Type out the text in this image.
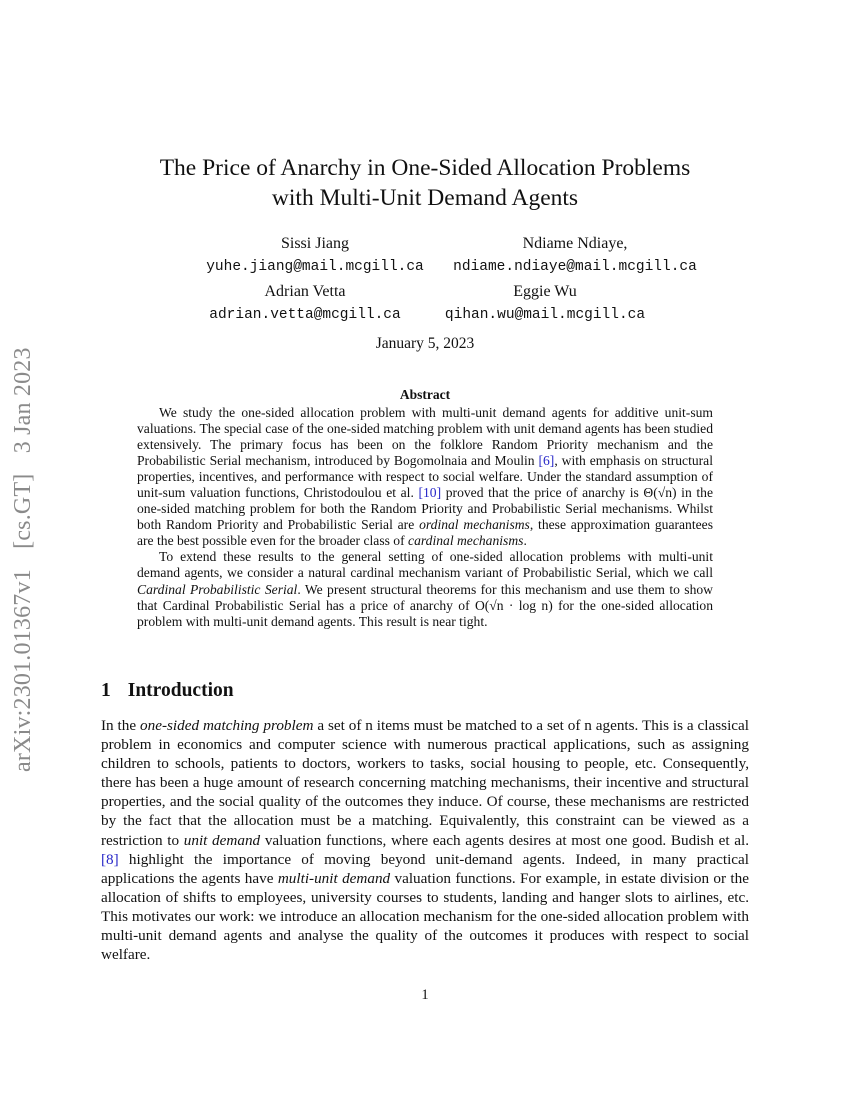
arXiv:2301.01367v1 [cs.GT] 3 Jan 2023
The Price of Anarchy in One-Sided Allocation Problems
with Multi-Unit Demand Agents
Sissi Jiang
yuhe.jiang@mail.mcgill.ca
Ndiame Ndiaye,
ndiame.ndiaye@mail.mcgill.ca
Adrian Vetta
adrian.vetta@mcgill.ca
Eggie Wu
qihan.wu@mail.mcgill.ca
January 5, 2023
Abstract

We study the one-sided allocation problem with multi-unit demand agents for additive unit-sum valuations. The special case of the one-sided matching problem with unit demand agents has been studied extensively. The primary focus has been on the folklore Random Priority mechanism and the Probabilistic Serial mechanism, introduced by Bogomolnaia and Moulin [6], with emphasis on structural properties, incentives, and performance with respect to social welfare. Under the standard assumption of unit-sum valuation functions, Christodoulou et al. [10] proved that the price of anarchy is Θ(√n) in the one-sided matching problem for both the Random Priority and Probabilistic Serial mechanisms. Whilst both Random Priority and Probabilistic Serial are ordinal mechanisms, these approximation guarantees are the best possible even for the broader class of cardinal mechanisms.

To extend these results to the general setting of one-sided allocation problems with multi-unit demand agents, we consider a natural cardinal mechanism variant of Probabilistic Serial, which we call Cardinal Probabilistic Serial. We present structural theorems for this mechanism and use them to show that Cardinal Probabilistic Serial has a price of anarchy of O(√n · log n) for the one-sided allocation problem with multi-unit demand agents. This result is near tight.

1 Introduction

In the one-sided matching problem a set of n items must be matched to a set of n agents. This is a classical problem in economics and computer science with numerous practical applications, such as assigning children to schools, patients to doctors, workers to tasks, social housing to people, etc. Consequently, there has been a huge amount of research concerning matching mechanisms, their incentive and structural properties, and the social quality of the outcomes they induce. Of course, these mechanisms are restricted by the fact that the allocation must be a matching. Equivalently, this constraint can be viewed as a restriction to unit demand valuation functions, where each agents desires at most one good. Budish et al. [8] highlight the importance of moving beyond unit-demand agents. Indeed, in many practical applications the agents have multi-unit demand valuation functions. For example, in estate division or the allocation of shifts to employees, university courses to students, landing and hanger slots to airlines, etc. This motivates our work: we introduce an allocation mechanism for the one-sided allocation problem with multi-unit demand agents and analyse the quality of the outcomes it produces with respect to social welfare.

1
